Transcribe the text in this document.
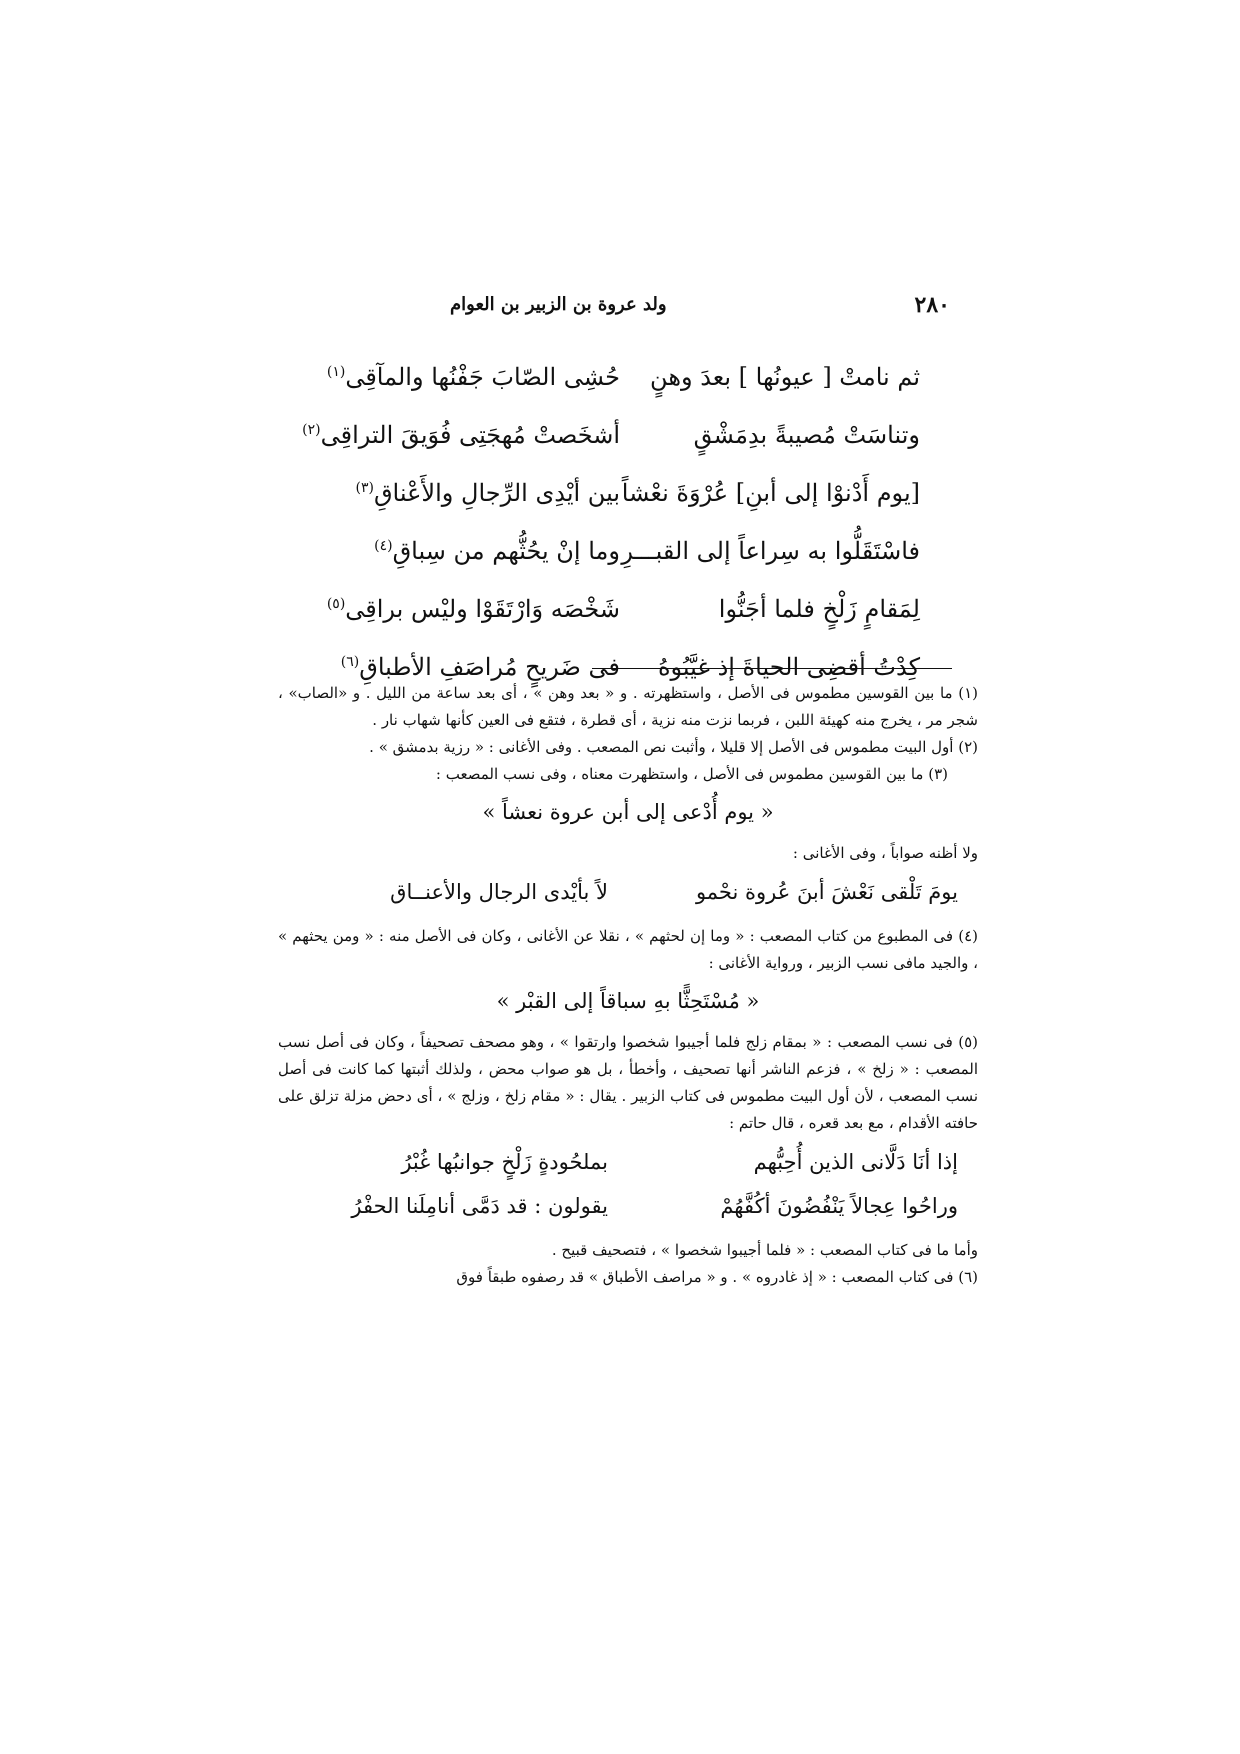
٢٨٠
ولد عروة بن الزبير بن العوام
ثم نامتْ [ عيونُها ] بعدَ وهنٍ
حُشِى الصّابَ جَفْنُها والمآقِى$^{(١)}$
وتناسَتْ مُصيبةً بدِمَشْقٍ
أشخَصتْ مُهجَتِى فُوَيقَ التراقِى$^{(٢)}$
[يوم أَدْنوْا إلى أبنِ] عُرْوَةَ نعْشاً
بين أيْدِى الرِّجالِ والأَعْناقِ$^{(٣)}$
فاسْتَقَلُّوا به سِراعاً إلى القبـــرِ
وما إنْ يحُثُّهم من سِباقِ$^{(٤)}$
لِمَقامٍ زَلْخٍ فلما أجَنُّوا
شَخْصَه وَارْتَقَوْا وليْس براقِى$^{(٥)}$
كِدْتُ أقضِى الحياةَ إذ غيَّبُوهُ
فى ضَريحٍ مُراصَفِ الأطباقِ$^{(٦)}$

(١) ما بين القوسين مطموس فى الأصل ، واستظهرته . و « بعد وهن » ، أى بعد ساعة من الليل . و «الصاب» ، شجر مر ، يخرج منه كهيئة اللبن ، فربما نزت منه نزية ، أى قطرة ، فتقع فى العين كأنها شهاب نار .

(٢) أول البيت مطموس فى الأصل إلا قليلا ، وأثبت نص المصعب . وفى الأغانى : « رزية بدمشق » .

(٣) ما بين القوسين مطموس فى الأصل ، واستظهرت معناه ، وفى نسب المصعب :

« يوم أُدْعى إلى أبن عروة نعشاً »

ولا أظنه صواباً ، وفى الأغانى :

يومَ تَلْقى نَعْشَ أبنَ عُروة نحْمو
لاً بأيْدى الرجال والأعنــاق

(٤) فى المطبوع من كتاب المصعب : « وما إن لحثهم » ، نقلا عن الأغانى ، وكان فى الأصل منه : « ومن يحثهم » ، والجيد مافى نسب الزبير ، ورواية الأغانى :

« مُسْتَحِثًّا بهِ سباقاً إلى القبْر »

(٥) فى نسب المصعب : « بمقام زلج فلما أجيبوا شخصوا وارتقوا » ، وهو مصحف تصحيفاً ، وكان فى أصل نسب المصعب : « زلخ » ، فزعم الناشر أنها تصحيف ، وأخطأ ، بل هو صواب محض ، ولذلك أثبتها كما كانت فى أصل نسب المصعب ، لأن أول البيت مطموس فى كتاب الزبير . يقال : « مقام زلخ ، وزلج » ، أى دحض مزلة تزلق على حافته الأقدام ، مع بعد قعره ، قال حاتم :

إذا أنَا دَلَّانى الذين أُحِبُّهم
بملحُودةٍ زَلْخٍ جوانبُها غُبْرُ
وراحُوا عِجالاً يَنْفُضُونَ أكُفَّهُمْ
يقولون : قد دَمَّى أنامِلَنا الحفْرُ

وأما ما فى كتاب المصعب : « فلما أجيبوا شخصوا » ، فتصحيف قبيح .

(٦) فى كتاب المصعب : « إذ غادروه » . و « مراصف الأطباق » قد رصفوه طبقاً فوق
